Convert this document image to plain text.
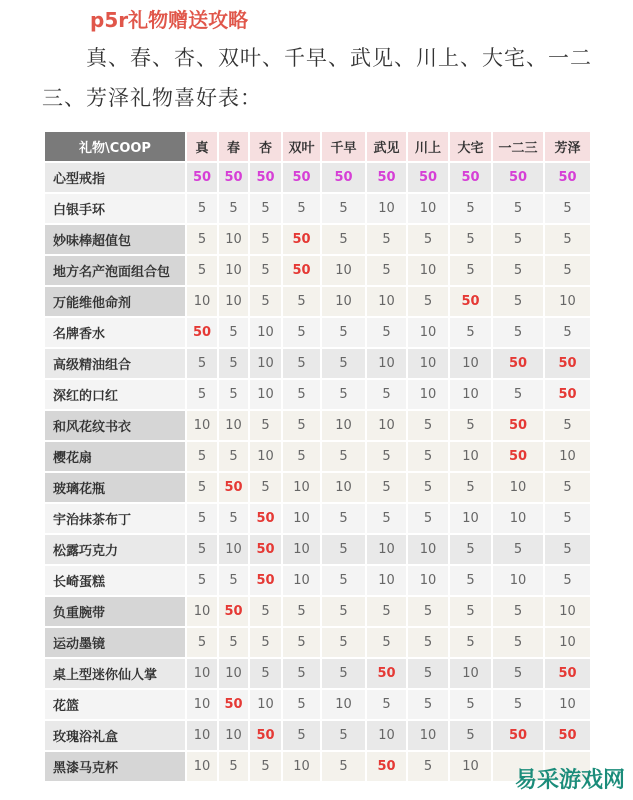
p5r礼物赠送攻略
真、春、杏、双叶、千早、武见、川上、大宅、一二三、芳泽礼物喜好表：
礼物\COOP	真	春	杏	双叶	千早	武见	川上	大宅	一二三	芳泽
心型戒指	50	50	50	50	50	50	50	50	50	50
白银手环	5	5	5	5	5	10	10	5	5	5
妙味棒超值包	5	10	5	50	5	5	5	5	5	5
地方名产泡面组合包	5	10	5	50	10	5	10	5	5	5
万能维他命剂	10	10	5	5	10	10	5	50	5	10
名牌香水	50	5	10	5	5	5	10	5	5	5
高级精油组合	5	5	10	5	5	10	10	10	50	50
深红的口红	5	5	10	5	5	5	10	10	5	50
和风花纹书衣	10	10	5	5	10	10	5	5	50	5
樱花扇	5	5	10	5	5	5	5	10	50	10
玻璃花瓶	5	50	5	10	10	5	5	5	10	5
宇治抹茶布丁	5	5	50	10	5	5	5	10	10	5
松露巧克力	5	10	50	10	5	10	10	5	5	5
长崎蛋糕	5	5	50	10	5	10	10	5	10	5
负重腕带	10	50	5	5	5	5	5	5	5	10
运动墨镜	5	5	5	5	5	5	5	5	5	10
桌上型迷你仙人掌	10	10	5	5	5	50	5	10	5	50
花篮	10	50	10	5	10	5	5	5	5	10
玫瑰浴礼盒	10	10	50	5	5	10	10	5	50	50
黑漆马克杯	10	5	5	10	5	50	5	10		
易采游戏网
